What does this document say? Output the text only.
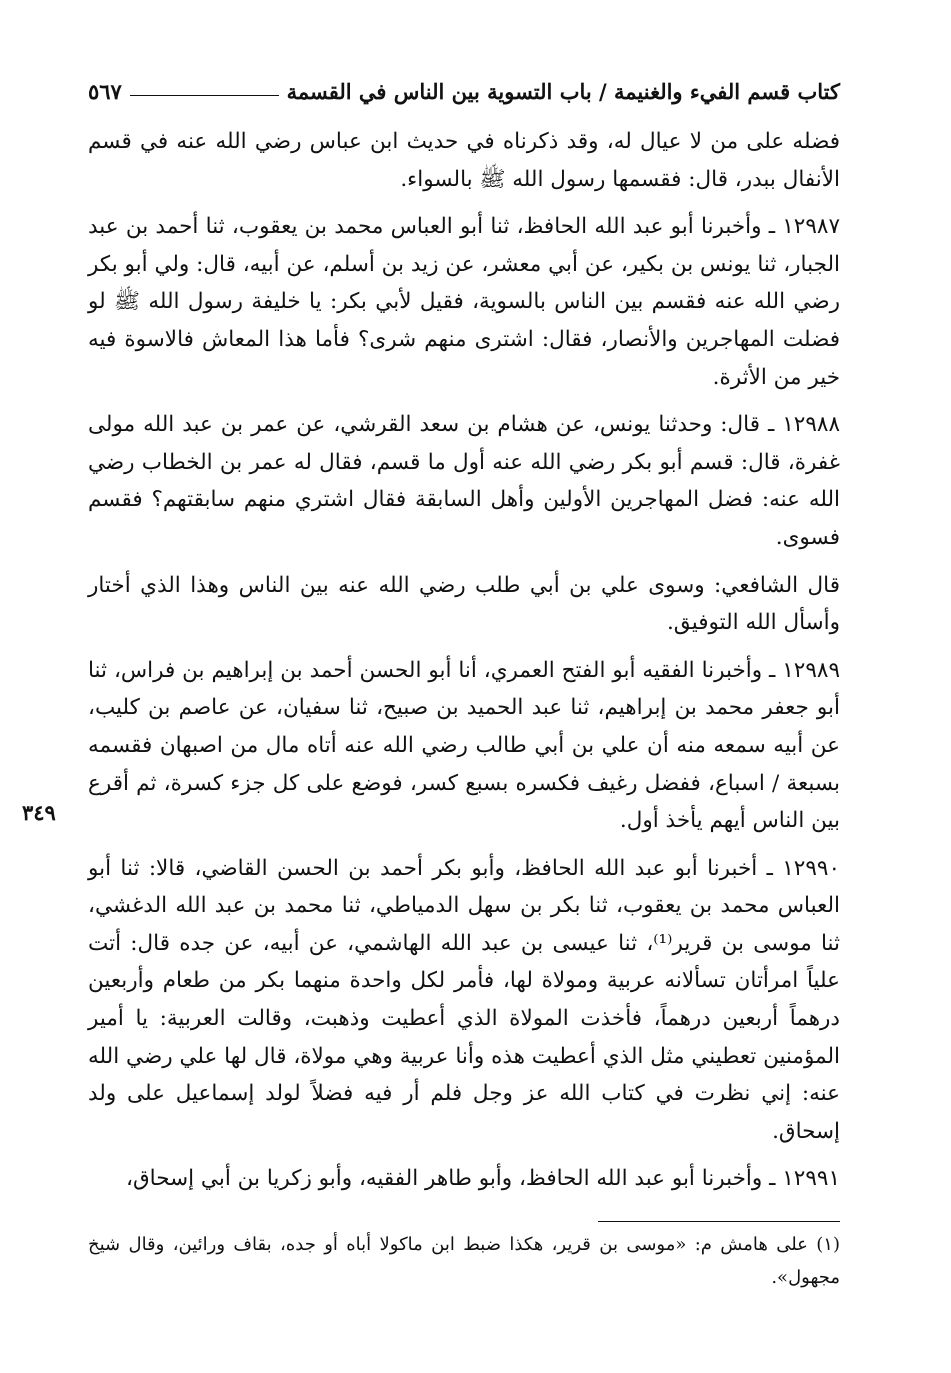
كتاب قسم الفيء والغنيمة / باب التسوية بين الناس في القسمة
٥٦٧

فضله على من لا عيال له، وقد ذكرناه في حديث ابن عباس رضي الله عنه في قسم الأنفال ببدر، قال: فقسمها رسول الله ﷺ بالسواء.

١٢٩٨٧ ـ وأخبرنا أبو عبد الله الحافظ، ثنا أبو العباس محمد بن يعقوب، ثنا أحمد بن عبد الجبار، ثنا يونس بن بكير، عن أبي معشر، عن زيد بن أسلم، عن أبيه، قال: ولي أبو بكر رضي الله عنه فقسم بين الناس بالسوية، فقيل لأبي بكر: يا خليفة رسول الله ﷺ لو فضلت المهاجرين والأنصار، فقال: اشترى منهم شرى؟ فأما هذا المعاش فالاسوة فيه خير من الأثرة.

١٢٩٨٨ ـ قال: وحدثنا يونس، عن هشام بن سعد القرشي، عن عمر بن عبد الله مولى غفرة، قال: قسم أبو بكر رضي الله عنه أول ما قسم، فقال له عمر بن الخطاب رضي الله عنه: فضل المهاجرين الأولين وأهل السابقة فقال اشتري منهم سابقتهم؟ فقسم فسوى.

قال الشافعي: وسوى علي بن أبي طلب رضي الله عنه بين الناس وهذا الذي أختار وأسأل الله التوفيق.

١٢٩٨٩ ـ وأخبرنا الفقيه أبو الفتح العمري، أنا أبو الحسن أحمد بن إبراهيم بن فراس، ثنا أبو جعفر محمد بن إبراهيم، ثنا عبد الحميد بن صبيح، ثنا سفيان، عن عاصم بن كليب، عن أبيه سمعه منه أن علي بن أبي طالب رضي الله عنه أتاه مال من اصبهان فقسمه بسبعة / اسباع، ففضل رغيف فكسره بسبع كسر، فوضع على كل جزء كسرة، ثم أقرع بين الناس أيهم يأخذ أول.

١٢٩٩٠ ـ أخبرنا أبو عبد الله الحافظ، وأبو بكر أحمد بن الحسن القاضي، قالا: ثنا أبو العباس محمد بن يعقوب، ثنا بكر بن سهل الدمياطي، ثنا محمد بن عبد الله الدغشي، ثنا موسى بن قرير⁽¹⁾، ثنا عيسى بن عبد الله الهاشمي، عن أبيه، عن جده قال: أتت علياً امرأتان تسألانه عربية ومولاة لها، فأمر لكل واحدة منهما بكر من طعام وأربعين درهماً أربعين درهماً، فأخذت المولاة الذي أعطيت وذهبت، وقالت العربية: يا أمير المؤمنين تعطيني مثل الذي أعطيت هذه وأنا عربية وهي مولاة، قال لها علي رضي الله عنه: إني نظرت في كتاب الله عز وجل فلم أر فيه فضلاً لولد إسماعيل على ولد إسحاق.

١٢٩٩١ ـ وأخبرنا أبو عبد الله الحافظ، وأبو طاهر الفقيه، وأبو زكريا بن أبي إسحاق،

٣٤٩
(١) على هامش م: «موسى بن قرير، هكذا ضبط ابن ماكولا أباه أو جده، بقاف ورائين، وقال شيخ مجهول».
